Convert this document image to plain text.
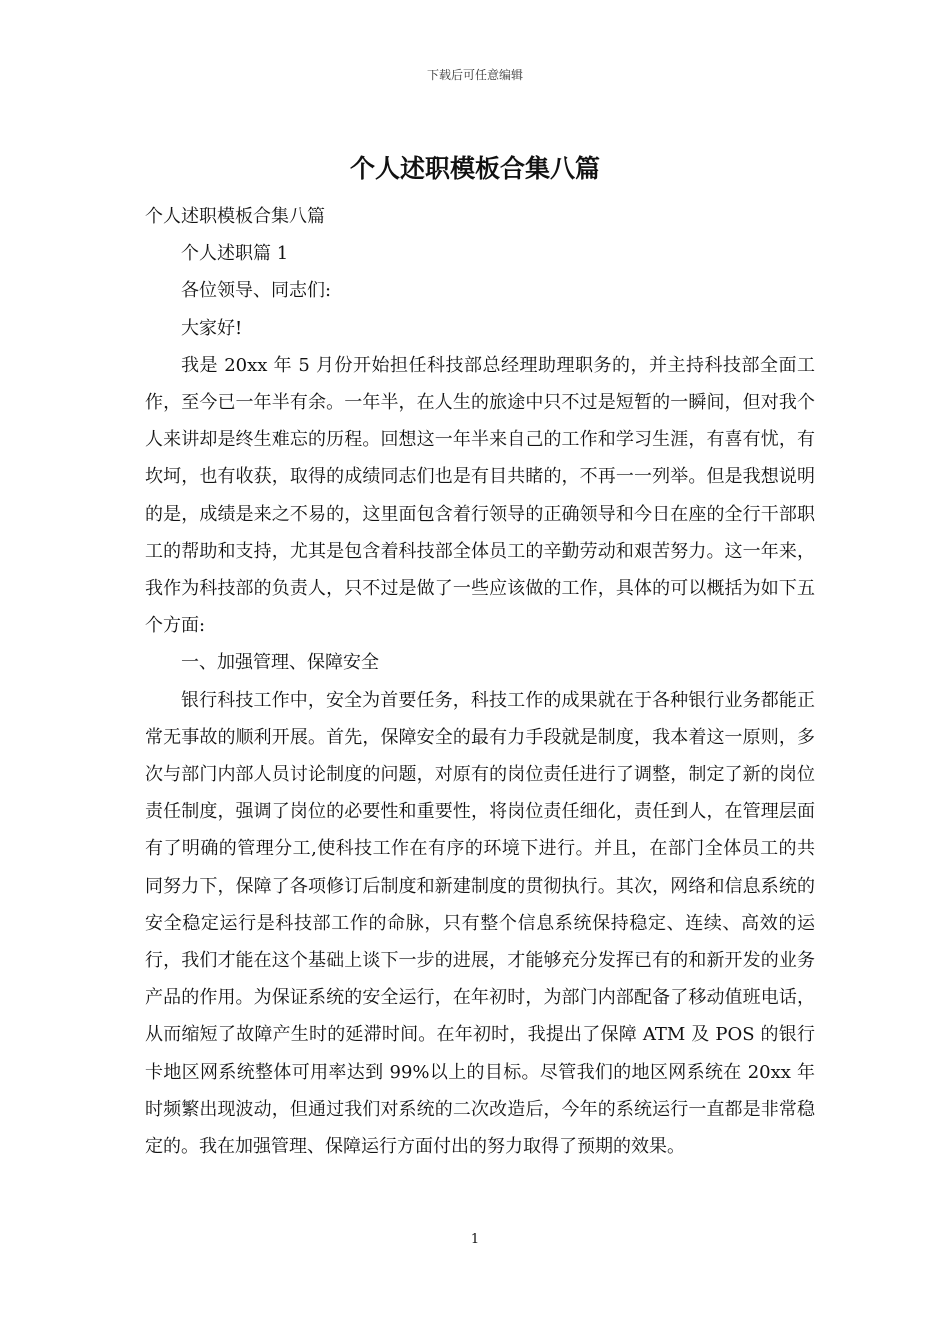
下载后可任意编辑
个人述职模板合集八篇

个人述职模板合集八篇

个人述职篇 1

各位领导、同志们:

大家好!

我是 20xx 年 5 月份开始担任科技部总经理助理职务的，并主持科技部全面工作，至今已一年半有余。一年半，在人生的旅途中只不过是短暂的一瞬间，但对我个人来讲却是终生难忘的历程。回想这一年半来自己的工作和学习生涯，有喜有忧，有坎坷，也有收获，取得的成绩同志们也是有目共睹的，不再一一列举。但是我想说明的是，成绩是来之不易的，这里面包含着行领导的正确领导和今日在座的全行干部职工的帮助和支持，尤其是包含着科技部全体员工的辛勤劳动和艰苦努力。这一年来，我作为科技部的负责人，只不过是做了一些应该做的工作，具体的可以概括为如下五个方面:

一、加强管理、保障安全

银行科技工作中，安全为首要任务，科技工作的成果就在于各种银行业务都能正常无事故的顺利开展。首先，保障安全的最有力手段就是制度，我本着这一原则，多次与部门内部人员讨论制度的问题，对原有的岗位责任进行了调整，制定了新的岗位责任制度，强调了岗位的必要性和重要性，将岗位责任细化，责任到人，在管理层面有了明确的管理分工,使科技工作在有序的环境下进行。并且，在部门全体员工的共同努力下，保障了各项修订后制度和新建制度的贯彻执行。其次，网络和信息系统的安全稳定运行是科技部工作的命脉，只有整个信息系统保持稳定、连续、高效的运行，我们才能在这个基础上谈下一步的进展，才能够充分发挥已有的和新开发的业务产品的作用。为保证系统的安全运行，在年初时，为部门内部配备了移动值班电话，从而缩短了故障产生时的延滞时间。在年初时，我提出了保障 ATM 及 POS 的银行卡地区网系统整体可用率达到 99%以上的目标。尽管我们的地区网系统在 20xx 年时频繁出现波动，但通过我们对系统的二次改造后，今年的系统运行一直都是非常稳定的。我在加强管理、保障运行方面付出的努力取得了预期的效果。

1
